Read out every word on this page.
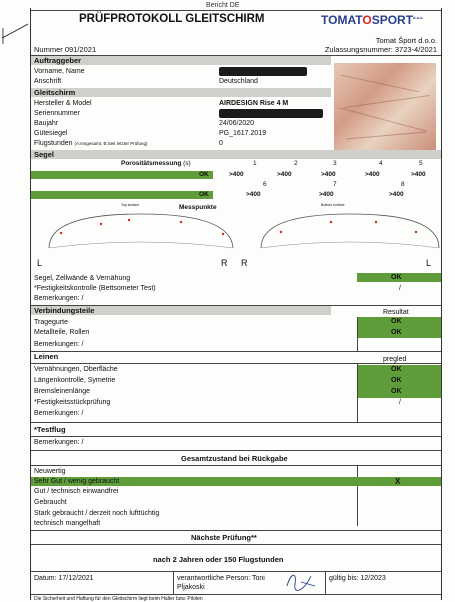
Bericht DE
PRÜFPROTOKOLL GLEITSCHIRM	$TOMATOSPORT^{d.o.o.}$
Tomat Šport d.o.o.
Zulassungsnummer: 3723-4/2021
Nummer 091/2021
Auftraggeber
Vorname, Name
Anschrift	Deutschland
Gleitschirm
Hersteller & Model	AIRDESIGN Rise 4 M
Seriennummer
Baujahr	24/06/2020
Gütesiegel	PG_1617.2019
Flugstunden (A:Insgesamt, B:Seit letzter Prüfung)	0
Segel
Porositätsmessung (s)	1	2	3	4	5
OK	>400	>400	>400	>400	>400
6	7	8
OK	>400	>400	>400
Messpunkte
Top surface	Bottom surface
L	R R	L
Segel, Zellwände & Vernähung	OK
*Festigkeitskontrolle (Bettsometer Test)	/
Bemerkungen: /
Verbindungsteile	Resultat
Tragegurte	OK
Metallteile, Rollen	OK
Bemerkungen: /
Leinen	pregled
Vernähnungen, Oberfläche	OK
Längenkontrolle, Symetrie	OK
Bremsleinenlänge	OK
*Festigkeitsstückprüfung	/
Bemerkungen: /
*Testflug
Bemerkungen: /
Gesamtzustand bei Rückgabe
Neuwertig
Sehr Gut / wenig gebraucht	X
Gut / technisch einwandfrei
Gebraucht
Stark gebraucht / derzeit noch lufttüchtig
technisch mangelhaft
Nächste Prüfung**
nach 2 Jahren oder 150 Flugstunden
Datum: 17/12/2021	verantwortliche Person: Toni
Pljakoski
gültig bis: 12/2023
Die Sicherheit und Haftung für den Gleitschirm liegt beim Halter bzw. Piloten
